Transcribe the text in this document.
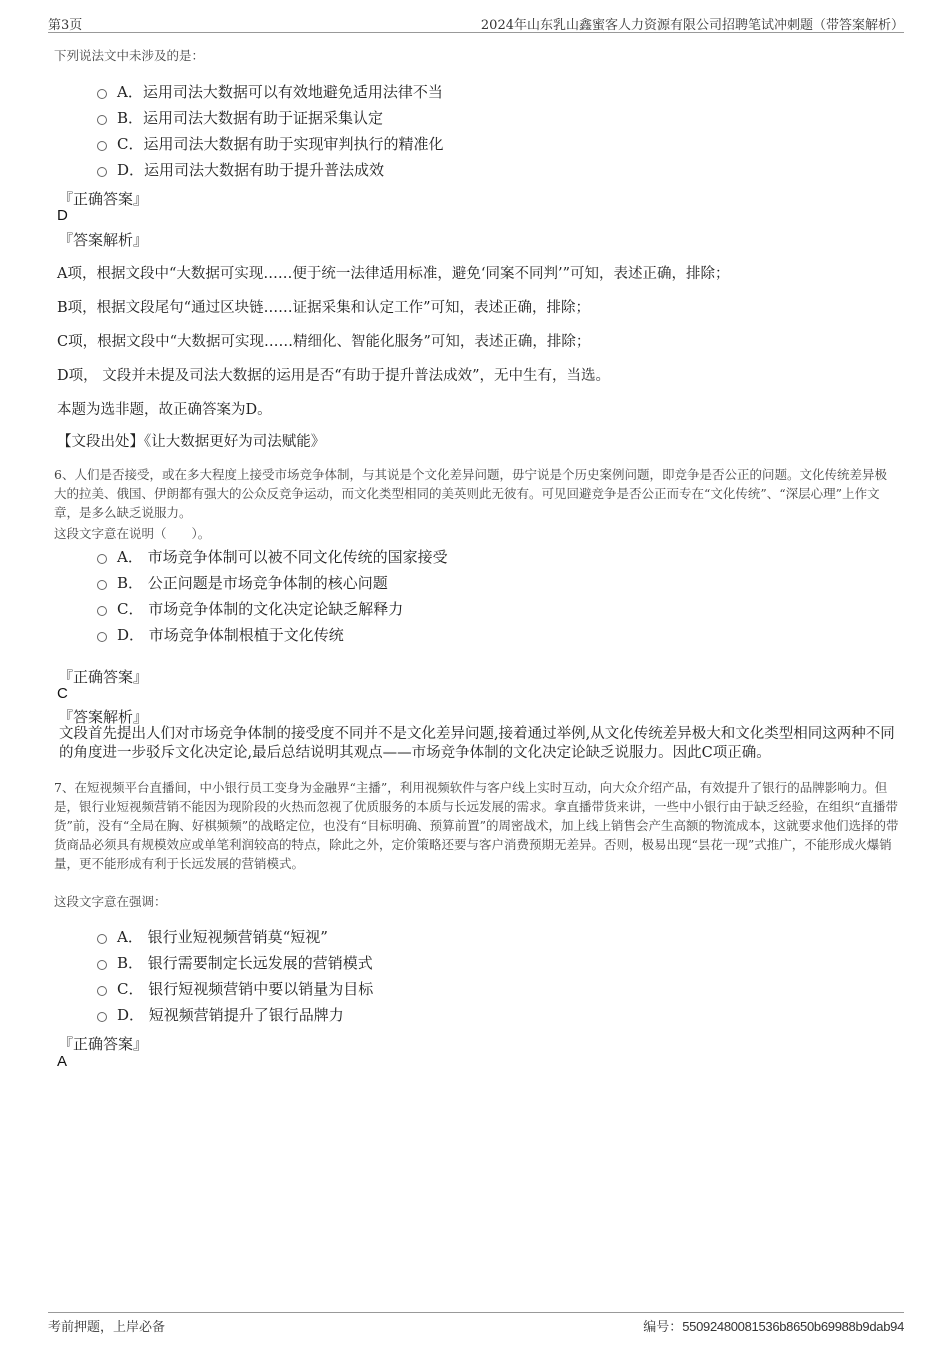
第3页	2024年山东乳山鑫蜜客人力资源有限公司招聘笔试冲刺题（带答案解析）
下列说法文中未涉及的是：
A．运用司法大数据可以有效地避免适用法律不当
B．运用司法大数据有助于证据采集认定
C．运用司法大数据有助于实现审判执行的精准化
D．运用司法大数据有助于提升普法成效
『正确答案』
D
『答案解析』
A项，根据文段中“大数据可实现……便于统一法律适用标准，避免‘同案不同判’”可知，表述正确，排除；
B项，根据文段尾句“通过区块链……证据采集和认定工作”可知，表述正确，排除；
C项，根据文段中“大数据可实现……精细化、智能化服务”可知，表述正确，排除；
D项， 文段并未提及司法大数据的运用是否“有助于提升普法成效”，无中生有，当选。
本题为选非题，故正确答案为D。
【文段出处】《让大数据更好为司法赋能》
6、人们是否接受，或在多大程度上接受市场竞争体制，与其说是个文化差异问题，毋宁说是个历史案例问题，即竞争是否公正的问题。文化传统差异极大的拉美、俄国、伊朗都有强大的公众反竞争运动，而文化类型相同的美英则此无彼有。可见回避竞争是否公正而专在“文化传统”、“深层心理”上作文章，是多么缺乏说服力。
这段文字意在说明（　　）。
A． 市场竞争体制可以被不同文化传统的国家接受
B． 公正问题是市场竞争体制的核心问题
C． 市场竞争体制的文化决定论缺乏解释力
D． 市场竞争体制根植于文化传统
『正确答案』
C
『答案解析』
文段首先提出人们对市场竞争体制的接受度不同并不是文化差异问题,接着通过举例,从文化传统差异极大和文化类型相同这两种不同的角度进一步驳斥文化决定论,最后总结说明其观点——市场竞争体制的文化决定论缺乏说服力。因此C项正确。
7、在短视频平台直播间，中小银行员工变身为金融界“主播”，利用视频软件与客户线上实时互动，向大众介绍产品，有效提升了银行的品牌影响力。但是，银行业短视频营销不能因为现阶段的火热而忽视了优质服务的本质与长远发展的需求。拿直播带货来讲，一些中小银行由于缺乏经验，在组织“直播带货”前，没有“全局在胸、好棋频频”的战略定位，也没有“目标明确、预算前置”的周密战术，加上线上销售会产生高额的物流成本，这就要求他们选择的带货商品必须具有规模效应或单笔利润较高的特点，除此之外，定价策略还要与客户消费预期无差异。否则，极易出现“昙花一现”式推广，不能形成火爆销量，更不能形成有利于长远发展的营销模式。
这段文字意在强调：
A． 银行业短视频营销莫“短视”
B． 银行需要制定长远发展的营销模式
C． 银行短视频营销中要以销量为目标
D． 短视频营销提升了银行品牌力
『正确答案』
A
考前押题，上岸必备	编号：55092480081536b8650b69988b9dab94
